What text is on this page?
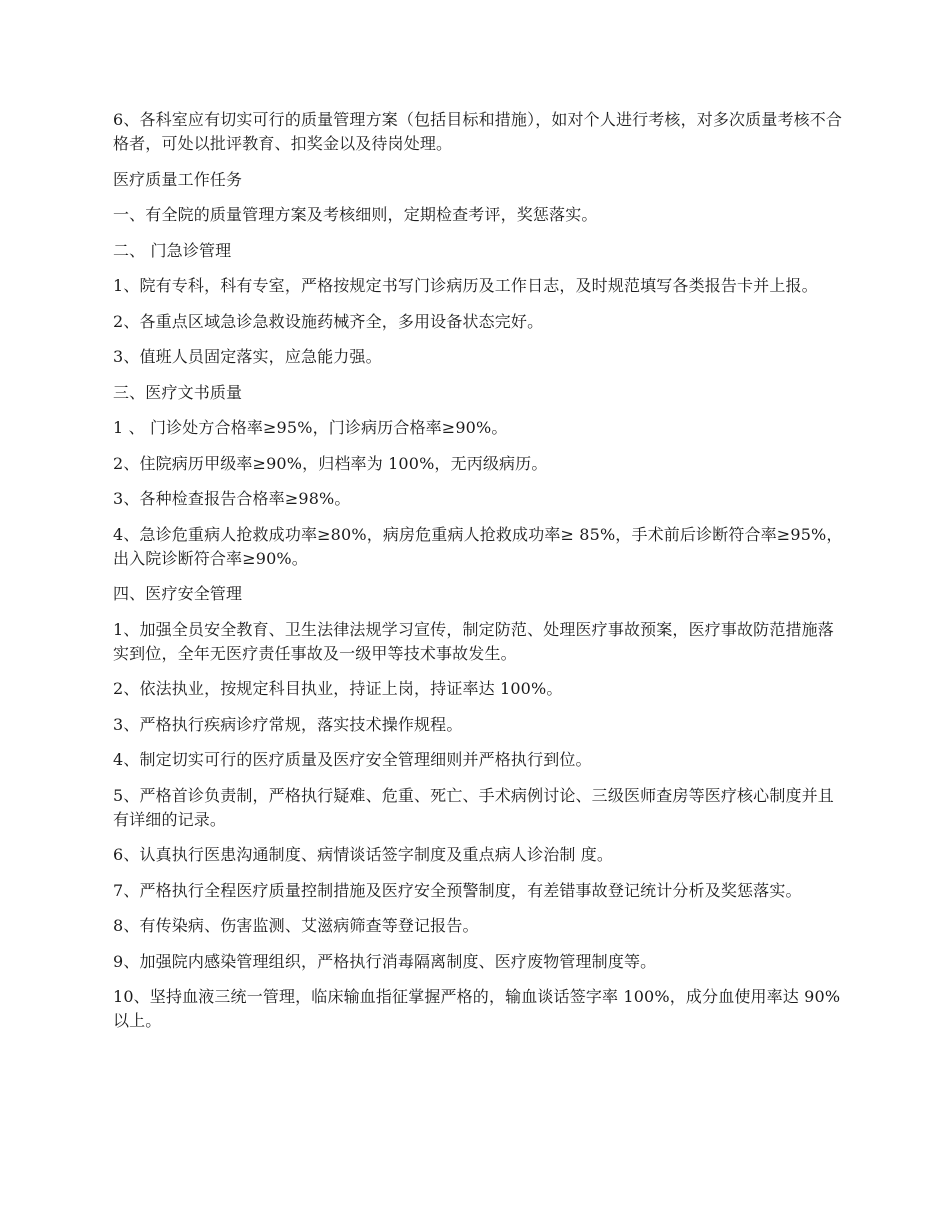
6、各科室应有切实可行的质量管理方案（包括目标和措施），如对个人进行考核，对多次质量考核不合格者，可处以批评教育、扣奖金以及待岗处理。

医疗质量工作任务

一、有全院的质量管理方案及考核细则，定期检查考评，奖惩落实。

二、 门急诊管理

1、院有专科，科有专室，严格按规定书写门诊病历及工作日志，及时规范填写各类报告卡并上报。

2、各重点区域急诊急救设施药械齐全，多用设备状态完好。

3、值班人员固定落实，应急能力强。

三、医疗文书质量

1 、 门诊处方合格率≥95%，门诊病历合格率≥90%。

2、住院病历甲级率≥90%，归档率为 100%，无丙级病历。

3、各种检查报告合格率≥98%。

4、急诊危重病人抢救成功率≥80%，病房危重病人抢救成功率≥ 85%，手术前后诊断符合率≥95%，出入院诊断符合率≥90%。

四、医疗安全管理

1、加强全员安全教育、卫生法律法规学习宣传，制定防范、处理医疗事故预案，医疗事故防范措施落实到位，全年无医疗责任事故及一级甲等技术事故发生。

2、依法执业，按规定科目执业，持证上岗，持证率达 100%。

3、严格执行疾病诊疗常规，落实技术操作规程。

4、制定切实可行的医疗质量及医疗安全管理细则并严格执行到位。

5、严格首诊负责制，严格执行疑难、危重、死亡、手术病例讨论、三级医师查房等医疗核心制度并且有详细的记录。

6、认真执行医患沟通制度、病情谈话签字制度及重点病人诊治制 度。

7、严格执行全程医疗质量控制措施及医疗安全预警制度，有差错事故登记统计分析及奖惩落实。

8、有传染病、伤害监测、艾滋病筛查等登记报告。

9、加强院内感染管理组织，严格执行消毒隔离制度、医疗废物管理制度等。

10、坚持血液三统一管理，临床输血指征掌握严格的，输血谈话签字率 100%，成分血使用率达 90%以上。
